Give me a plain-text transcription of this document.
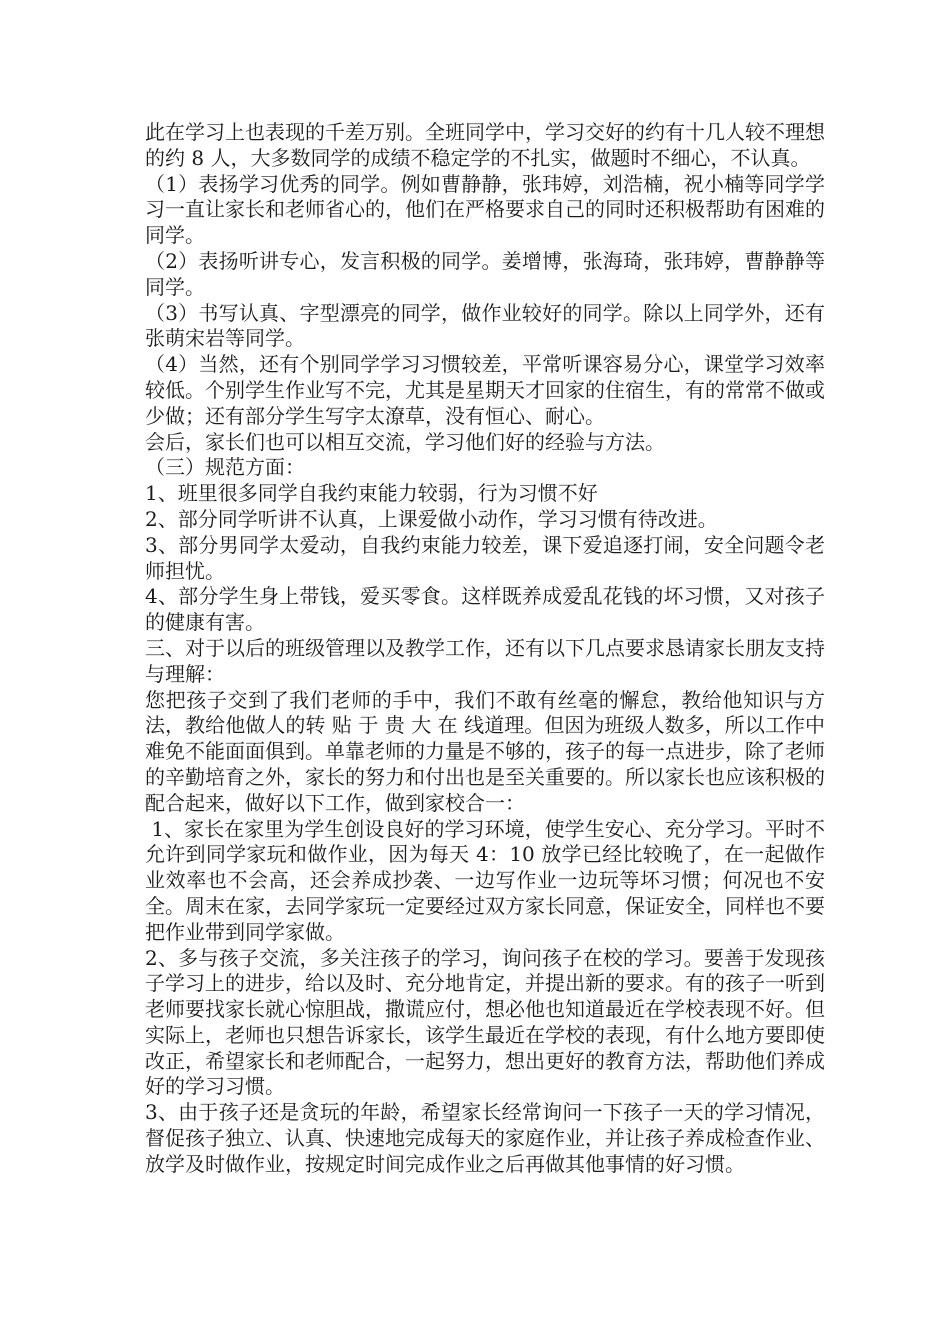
此在学习上也表现的千差万别。全班同学中，学习交好的约有十几人较不理想的约 8 人，大多数同学的成绩不稳定学的不扎实，做题时不细心，不认真。

（1）表扬学习优秀的同学。例如曹静静，张玮婷，刘浩楠，祝小楠等同学学习一直让家长和老师省心的，他们在严格要求自己的同时还积极帮助有困难的同学。

（2）表扬听讲专心，发言积极的同学。姜增博，张海琦，张玮婷，曹静静等同学。

（3）书写认真、字型漂亮的同学，做作业较好的同学。除以上同学外，还有张萌宋岩等同学。

（4）当然，还有个别同学学习习惯较差，平常听课容易分心，课堂学习效率较低。个别学生作业写不完，尤其是星期天才回家的住宿生，有的常常不做或少做；还有部分学生写字太潦草，没有恒心、耐心。

会后，家长们也可以相互交流，学习他们好的经验与方法。

（三）规范方面：

1、班里很多同学自我约束能力较弱，行为习惯不好

2、部分同学听讲不认真，上课爱做小动作，学习习惯有待改进。

3、部分男同学太爱动，自我约束能力较差，课下爱追逐打闹，安全问题令老师担忧。

4、部分学生身上带钱，爱买零食。这样既养成爱乱花钱的坏习惯，又对孩子的健康有害。

三、对于以后的班级管理以及教学工作，还有以下几点要求恳请家长朋友支持与理解：

您把孩子交到了我们老师的手中，我们不敢有丝毫的懈怠，教给他知识与方法，教给他做人的转 贴 于 贵 大 在 线道理。但因为班级人数多，所以工作中难免不能面面俱到。单靠老师的力量是不够的，孩子的每一点进步，除了老师的辛勤培育之外，家长的努力和付出也是至关重要的。所以家长也应该积极的配合起来，做好以下工作，做到家校合一：

1、家长在家里为学生创设良好的学习环境，使学生安心、充分学习。平时不允许到同学家玩和做作业，因为每天 4：10 放学已经比较晚了，在一起做作业效率也不会高，还会养成抄袭、一边写作业一边玩等坏习惯；何况也不安全。周末在家，去同学家玩一定要经过双方家长同意，保证安全，同样也不要把作业带到同学家做。

2、多与孩子交流，多关注孩子的学习，询问孩子在校的学习。要善于发现孩子学习上的进步，给以及时、充分地肯定，并提出新的要求。有的孩子一听到老师要找家长就心惊胆战，撒谎应付，想必他也知道最近在学校表现不好。但实际上，老师也只想告诉家长，该学生最近在学校的表现，有什么地方要即使改正，希望家长和老师配合，一起努力，想出更好的教育方法，帮助他们养成好的学习习惯。

3、由于孩子还是贪玩的年龄，希望家长经常询问一下孩子一天的学习情况，督促孩子独立、认真、快速地完成每天的家庭作业，并让孩子养成检查作业、放学及时做作业，按规定时间完成作业之后再做其他事情的好习惯。
